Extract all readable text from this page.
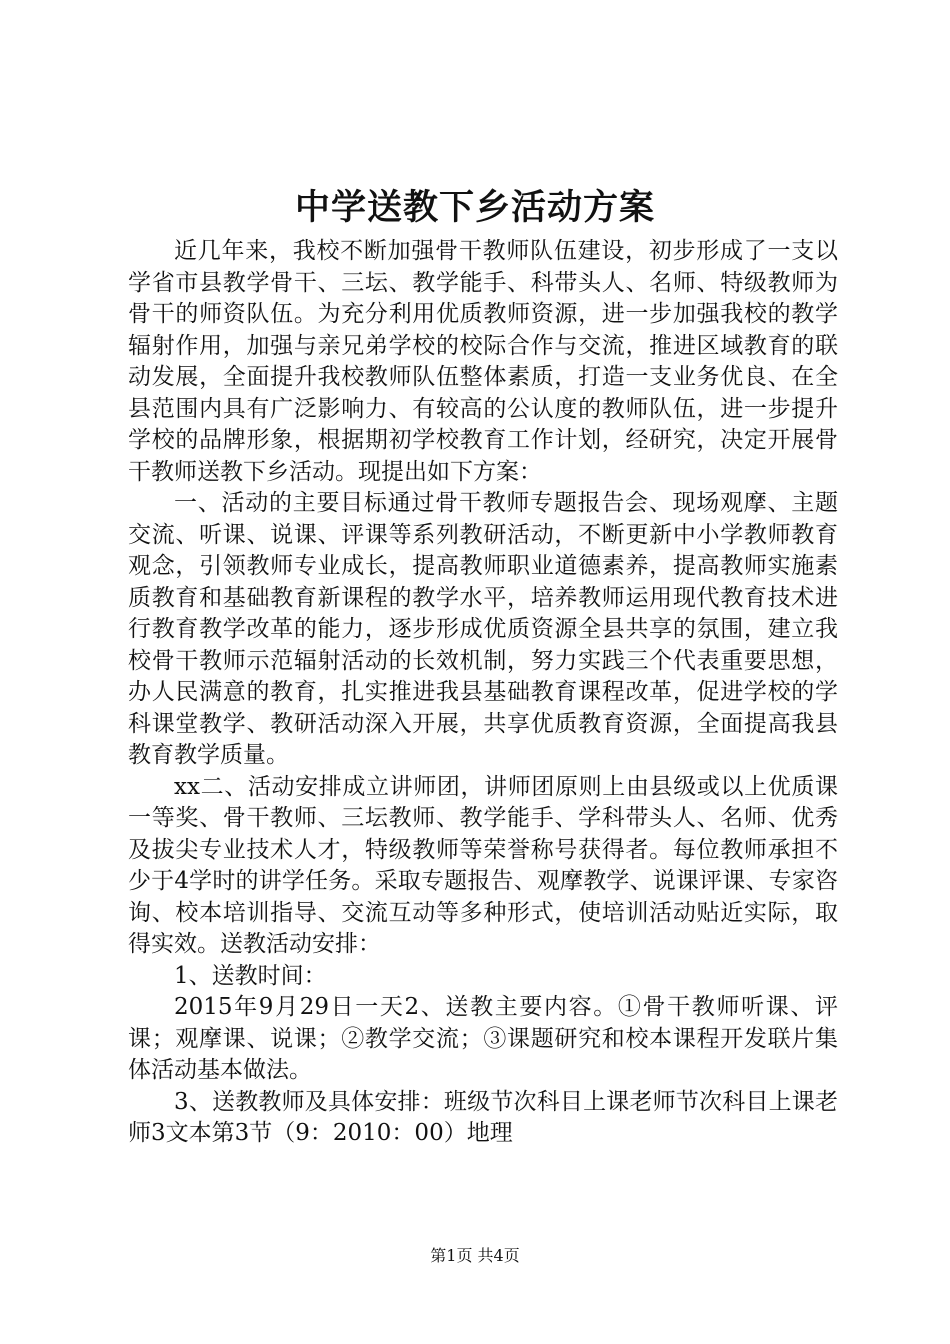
中学送教下乡活动方案

近几年来，我校不断加强骨干教师队伍建设，初步形成了一支以学省市县教学骨干、三坛、教学能手、科带头人、名师、特级教师为骨干的师资队伍。为充分利用优质教师资源，进一步加强我校的教学辐射作用，加强与亲兄弟学校的校际合作与交流，推进区域教育的联动发展，全面提升我校教师队伍整体素质，打造一支业务优良、在全县范围内具有广泛影响力、有较高的公认度的教师队伍，进一步提升学校的品牌形象，根据期初学校教育工作计划，经研究，决定开展骨干教师送教下乡活动。现提出如下方案：

一、活动的主要目标通过骨干教师专题报告会、现场观摩、主题交流、听课、说课、评课等系列教研活动，不断更新中小学教师教育观念，引领教师专业成长，提高教师职业道德素养，提高教师实施素质教育和基础教育新课程的教学水平，培养教师运用现代教育技术进行教育教学改革的能力，逐步形成优质资源全县共享的氛围，建立我校骨干教师示范辐射活动的长效机制，努力实践三个代表重要思想，办人民满意的教育，扎实推进我县基础教育课程改革，促进学校的学科课堂教学、教研活动深入开展，共享优质教育资源，全面提高我县教育教学质量。

xx二、活动安排成立讲师团，讲师团原则上由县级或以上优质课一等奖、骨干教师、三坛教师、教学能手、学科带头人、名师、优秀及拔尖专业技术人才，特级教师等荣誉称号获得者。每位教师承担不少于4学时的讲学任务。采取专题报告、观摩教学、说课评课、专家咨询、校本培训指导、交流互动等多种形式，使培训活动贴近实际，取得实效。送教活动安排：

1、送教时间：

2015年9月29日一天2、送教主要内容。①骨干教师听课、评课；观摩课、说课；②教学交流；③课题研究和校本课程开发联片集体活动基本做法。

3、送教教师及具体安排：班级节次科目上课老师节次科目上课老师3文本第3节（9：2010：00）地理

第1页 共4页
